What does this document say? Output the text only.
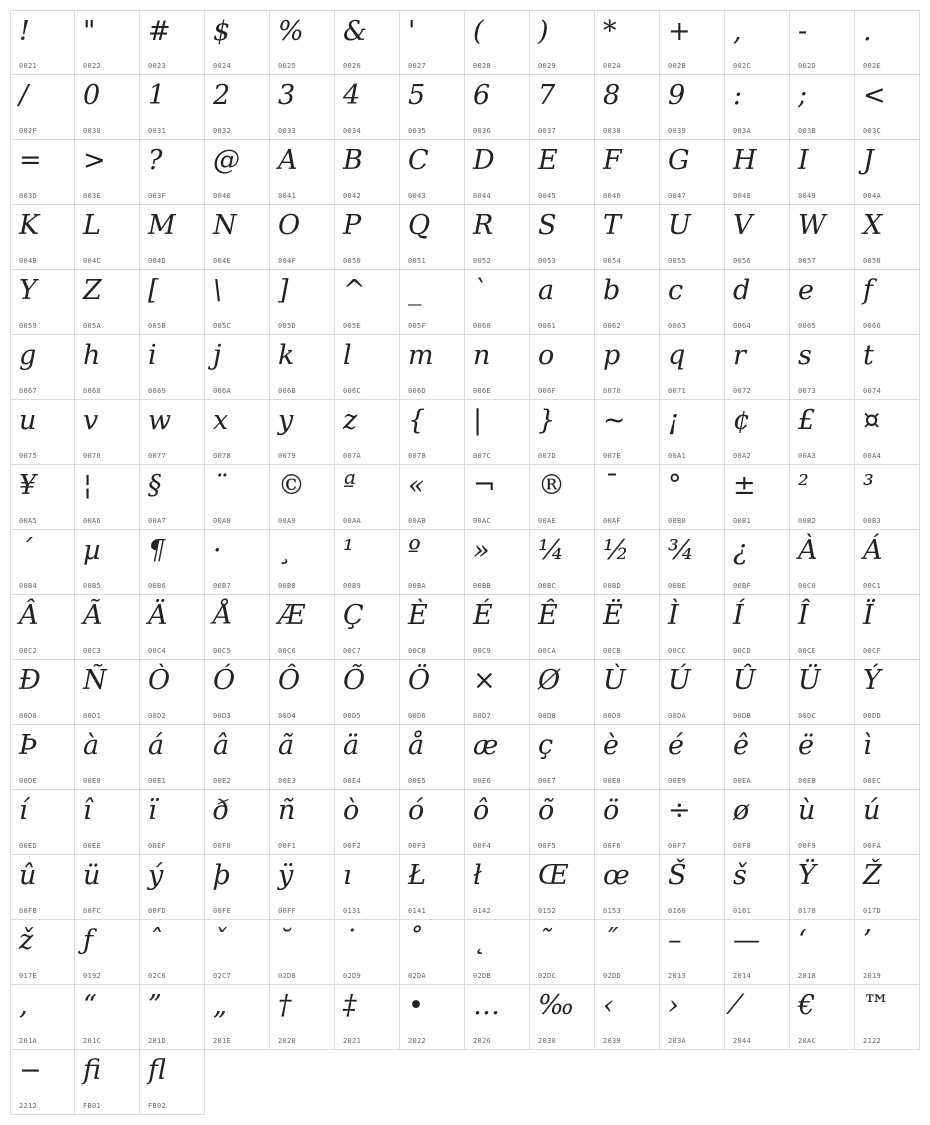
!
0021
"
0022
#
0023
$
0024
%
0025
&
0026
'
0027
(
0028
)
0029
*
002A
+
002B
,
002C
-
002D
.
002E
/
002F
0
0030
1
0031
2
0032
3
0033
4
0034
5
0035
6
0036
7
0037
8
0038
9
0039
:
003A
;
003B
<
003C
=
003D
>
003E
?
003F
@
0040
A
0041
B
0042
C
0043
D
0044
E
0045
F
0046
G
0047
H
0048
I
0049
J
004A
K
004B
L
004C
M
004D
N
004E
O
004F
P
0050
Q
0051
R
0052
S
0053
T
0054
U
0055
V
0056
W
0057
X
0058
Y
0059
Z
005A
[
005B
\
005C
]
005D
^
005E
_
005F
`
0060
a
0061
b
0062
c
0063
d
0064
e
0065
f
0066
g
0067
h
0068
i
0069
j
006A
k
006B
l
006C
m
006D
n
006E
o
006F
p
0070
q
0071
r
0072
s
0073
t
0074
u
0075
v
0076
w
0077
x
0078
y
0079
z
007A
{
007B
|
007C
}
007D
~
007E
¡
00A1
¢
00A2
£
00A3
¤
00A4
¥
00A5
¦
00A6
§
00A7
¨
00A8
©
00A9
ª
00AA
«
00AB
¬
00AC
®
00AE
¯
00AF
°
00B0
±
00B1
²
00B2
³
00B3
´
00B4
µ
00B5
¶
00B6
·
00B7
¸
00B8
¹
00B9
º
00BA
»
00BB
¼
00BC
½
00BD
¾
00BE
¿
00BF
À
00C0
Á
00C1
Â
00C2
Ã
00C3
Ä
00C4
Å
00C5
Æ
00C6
Ç
00C7
È
00C8
É
00C9
Ê
00CA
Ë
00CB
Ì
00CC
Í
00CD
Î
00CE
Ï
00CF
Ð
00D0
Ñ
00D1
Ò
00D2
Ó
00D3
Ô
00D4
Õ
00D5
Ö
00D6
×
00D7
Ø
00D8
Ù
00D9
Ú
00DA
Û
00DB
Ü
00DC
Ý
00DD
Þ
00DE
à
00E0
á
00E1
â
00E2
ã
00E3
ä
00E4
å
00E5
æ
00E6
ç
00E7
è
00E8
é
00E9
ê
00EA
ë
00EB
ì
00EC
í
00ED
î
00EE
ï
00EF
ð
00F0
ñ
00F1
ò
00F2
ó
00F3
ô
00F4
õ
00F5
ö
00F6
÷
00F7
ø
00F8
ù
00F9
ú
00FA
û
00FB
ü
00FC
ý
00FD
þ
00FE
ÿ
00FF
ı
0131
Ł
0141
ł
0142
Œ
0152
œ
0153
Š
0160
š
0161
Ÿ
0178
Ž
017D
ž
017E
ƒ
0192
ˆ
02C6
ˇ
02C7
˘
02D8
˙
02D9
˚
02DA
˛
02DB
˜
02DC
˝
02DD
–
2013
—
2014
‘
2018
’
2019
‚
201A
“
201C
”
201D
„
201E
†
2020
‡
2021
•
2022
…
2026
‰
2030
‹
2039
›
203A
⁄
2044
€
20AC
™
2122
−
2212
ﬁ
FB01
ﬂ
FB02
